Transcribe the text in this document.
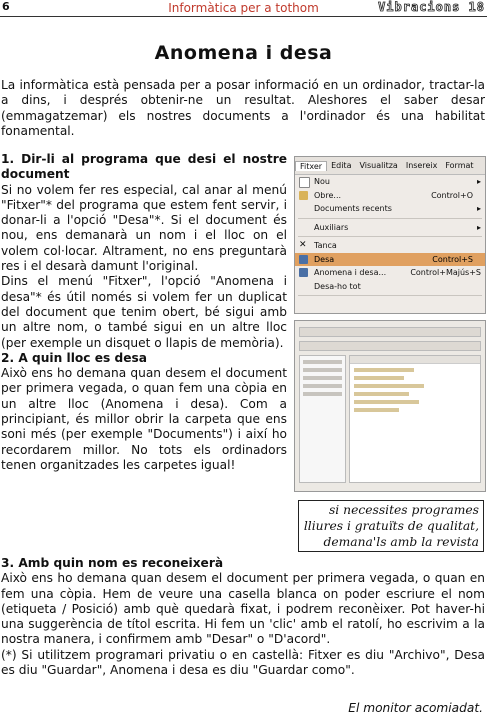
6	Informàtica per a tothom	Vibracions 18
Anomena i desa

La informàtica està pensada per a posar informació en un ordinador, tractar-la a dins, i després obtenir-ne un resultat. Aleshores el saber desar (emmagatzemar) els nostres documents a l'ordinador és una habilitat fonamental.

1. Dir-li al programa que desi el nostre document

Si no volem fer res especial, cal anar al menú "Fitxer"* del programa que estem fent servir, i donar-li a l'opció "Desa"*. Si el document és nou, ens demanarà un nom i el lloc on el volem col·locar. Altrament, no ens preguntarà res i el desarà damunt l'original.

Dins el menú "Fitxer", l'opció "Anomena i desa"* és útil només si volem fer un duplicat del document que tenim obert, bé sigui amb un altre nom, o també sigui en un altre lloc (per exemple un disquet o llapis de memòria).

2. A quin lloc es desa

Això ens ho demana quan desem el document per primera vegada, o quan fem una còpia en un altre lloc (Anomena i desa). Com a principiant, és millor obrir la carpeta que ens soni més (per exemple "Documents") i així ho recordarem millor. No tots els ordinadors tenen organitzades les carpetes igual!

Fitxer	Edita	Visualitza	Insereix	Format
Nou	▸
Obre...	Control+O
Documents recents	▸
Auxiliars	▸
✕ Tanca
Desa	Control+S
Anomena i desa...	Control+Majús+S
Desa-ho tot
si necessites programes
lliures i gratuïts de qualitat,
demana'ls amb la revista
3. Amb quin nom es reconeixerà

Això ens ho demana quan desem el document per primera vegada, o quan en fem una còpia. Hem de veure una casella blanca on poder escriure el nom (etiqueta / Posició) amb què quedarà fixat, i podrem reconèixer. Pot haver-hi una suggerència de títol escrita. Hi fem un 'clic' amb el ratolí, ho escrivim a la nostra manera, i confirmem amb "Desar" o "D'acord".

(*) Si utilitzem programari privatiu o en castellà: Fitxer es diu "Archivo", Desa es diu "Guardar", Anomena i desa es diu "Guardar como".

El monitor acomiadat.
